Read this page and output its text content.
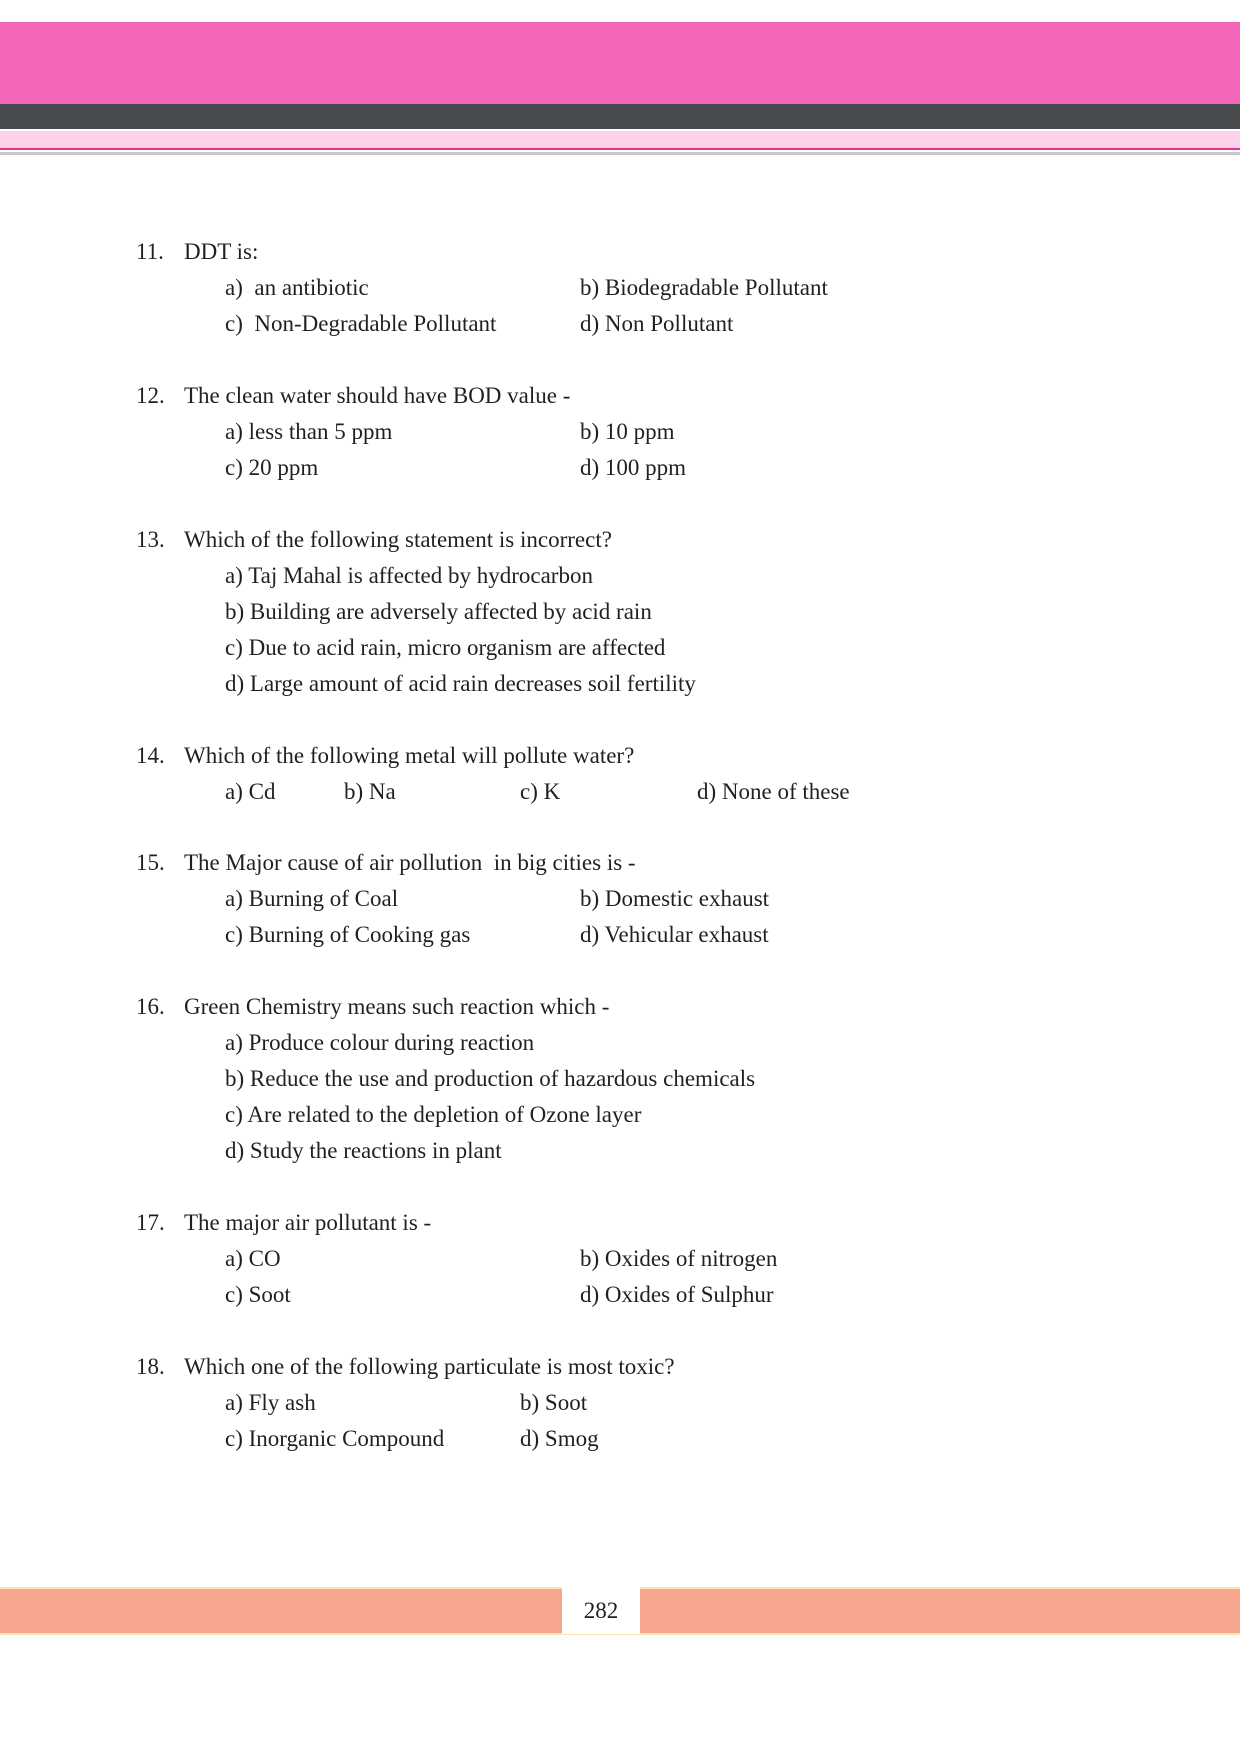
11. DDT is:
a)  an antibiotic	b) Biodegradable Pollutant
c)  Non-Degradable Pollutant	d) Non Pollutant
12. The clean water should have BOD value -
a) less than 5 ppm	b) 10 ppm
c) 20 ppm	d) 100 ppm
13. Which of the following statement is incorrect?
a) Taj Mahal is affected by hydrocarbon
b) Building are adversely affected by acid rain
c) Due to acid rain, micro organism are affected
d) Large amount of acid rain decreases soil fertility
14. Which of the following metal will pollute water?
a) Cd	b) Na	c) K	d) None of these
15. The Major cause of air pollution  in big cities is -
a) Burning of Coal	b) Domestic exhaust
c) Burning of Cooking gas	d) Vehicular exhaust
16. Green Chemistry means such reaction which -
a) Produce colour during reaction
b) Reduce the use and production of hazardous chemicals
c) Are related to the depletion of Ozone layer
d) Study the reactions in plant
17. The major air pollutant is -
a) CO	b) Oxides of nitrogen
c) Soot	d) Oxides of Sulphur
18. Which one of the following particulate is most toxic?
a) Fly ash	b) Soot
c) Inorganic Compound	d) Smog
282
